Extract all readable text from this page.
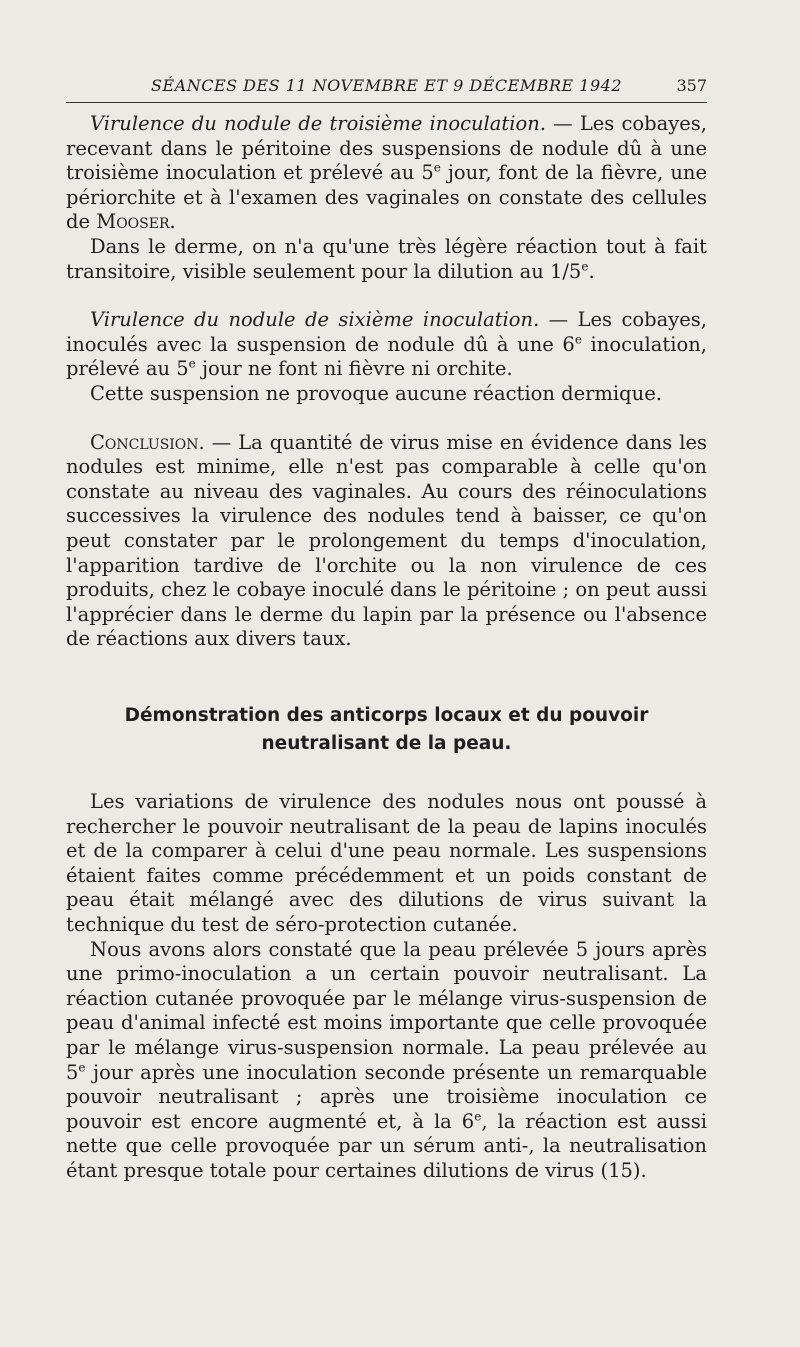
SÉANCES DES 11 NOVEMBRE ET 9 DÉCEMBRE 1942	357

Virulence du nodule de troisième inoculation. — Les cobayes, recevant dans le péritoine des suspensions de nodule dû à une troisième inoculation et prélevé au 5e jour, font de la fièvre, une périorchite et à l'examen des vaginales on constate des cellules de Mooser.

Dans le derme, on n'a qu'une très légère réaction tout à fait transitoire, visible seulement pour la dilution au 1/5e.

Virulence du nodule de sixième inoculation. — Les cobayes, inoculés avec la suspension de nodule dû à une 6e inoculation, prélevé au 5e jour ne font ni fièvre ni orchite.

Cette suspension ne provoque aucune réaction dermique.

Conclusion. — La quantité de virus mise en évidence dans les nodules est minime, elle n'est pas comparable à celle qu'on constate au niveau des vaginales. Au cours des réinoculations successives la virulence des nodules tend à baisser, ce qu'on peut constater par le prolongement du temps d'inoculation, l'apparition tardive de l'orchite ou la non virulence de ces produits, chez le cobaye inoculé dans le péritoine ; on peut aussi l'apprécier dans le derme du lapin par la présence ou l'absence de réactions aux divers taux.

Démonstration des anticorps locaux et du pouvoir
neutralisant de la peau.

Les variations de virulence des nodules nous ont poussé à rechercher le pouvoir neutralisant de la peau de lapins inoculés et de la comparer à celui d'une peau normale. Les suspensions étaient faites comme précédemment et un poids constant de peau était mélangé avec des dilutions de virus suivant la technique du test de séro-protection cutanée.

Nous avons alors constaté que la peau prélevée 5 jours après une primo-inoculation a un certain pouvoir neutralisant. La réaction cutanée provoquée par le mélange virus-suspension de peau d'animal infecté est moins importante que celle provoquée par le mélange virus-suspension normale. La peau prélevée au 5e jour après une inoculation seconde présente un remarquable pouvoir neutralisant ; après une troisième inoculation ce pouvoir est encore augmenté et, à la 6e, la réaction est aussi nette que celle provoquée par un sérum anti-, la neutralisation étant presque totale pour certaines dilutions de virus (15).
